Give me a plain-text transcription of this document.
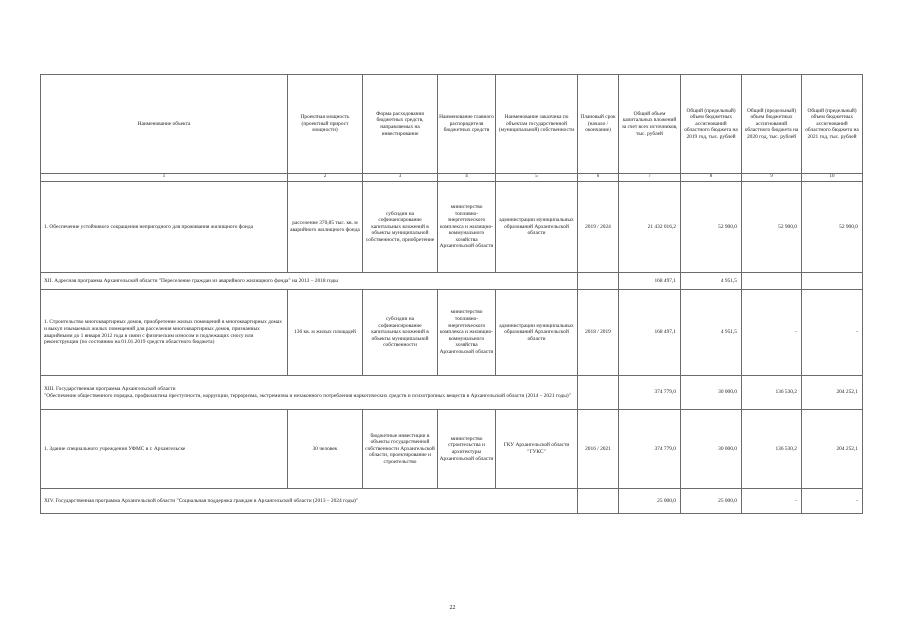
Наименование объекта	Проектная мощность (проектный прирост мощности)	Форма расходования бюджетных средств, направляемых на инвестирование	Наименование главного распорядителя бюджетных средств	Наименование заказчика по объектам государственной (муниципальной) собственности	Плановый срок (начало / окончание)	Общий объем капитальных вложений за счет всех источников, тыс. рублей	Общий (предельный) объем бюджетных ассигнований областного бюджета на 2019 год, тыс. рублей	Общий (предельный) объем бюджетных ассигнований областного бюджета на 2020 год, тыс. рублей	Общий (предельный) объем бюджетных ассигнований областного бюджета на 2021 год, тыс. рублей
1	2	3	4	5	6	7	8	9	10
1. Обеспечение устойчивого сокращения непригодного для проживания жилищного фонда	расселение 370,85 тыс. кв. м аварийного жилищного фонда	субсидии на софинансирование капитальных вложений в объекты муниципальной собственности, приобретение	министерство топливно-энергетического комплекса и жилищно-коммунального хозяйства Архангельской области	администрации муниципальных образований Архангельской области	2019 / 2024	21 432 016,2	52 900,0	52 900,0	52 900,0
XII. Адресная программа Архангельской области "Переселение граждан из аварийного жилищного фонда" на 2013 – 2018 годы						168 497,1	4 951,5		
1. Строительство многоквартирных домов, приобретение жилых помещений в многоквартирных домах и выкуп изымаемых жилых помещений для расселения многоквартирных домов, признанных аварийными до 1 января 2012 года в связи с физическим износом и подлежащих сносу или реконструкции (по состоянию на 01.01.2019 средств областного бюджета)	136 кв. м жилых площадей	субсидии на софинансирование капитальных вложений в объекты муниципальной собственности	министерство топливно-энергетического комплекса и жилищно-коммунального хозяйства Архангельской области	администрации муниципальных образований Архангельской области	2018 / 2019	168 497,1	4 951,5	-	-
XIII. Государственная программа Архангельской области
"Обеспечение общественного порядка, профилактика преступности, коррупции, терроризма, экстремизма и незаконного потребления наркотических средств и психотропных веществ в Архангельской области (2014 – 2021 годы)"						374 779,0	30 000,0	136 530,2	204 252,1
1. Здание специального учреждения УФМС в г. Архангельске	30 человек	бюджетные инвестиции в объекты государственной собственности Архангельской области, проектирование и строительство	министерство строительства и архитектуры Архангельской области	ГКУ Архангельской области "ГУКС"	2016 / 2021	374 779,0	30 000,0	136 530,2	204 252,1
XIV. Государственная программа Архангельской области "Социальная поддержка граждан в Архангельской области (2013 – 2024 годы)"						25 000,0	25 000,0	-	-
22
